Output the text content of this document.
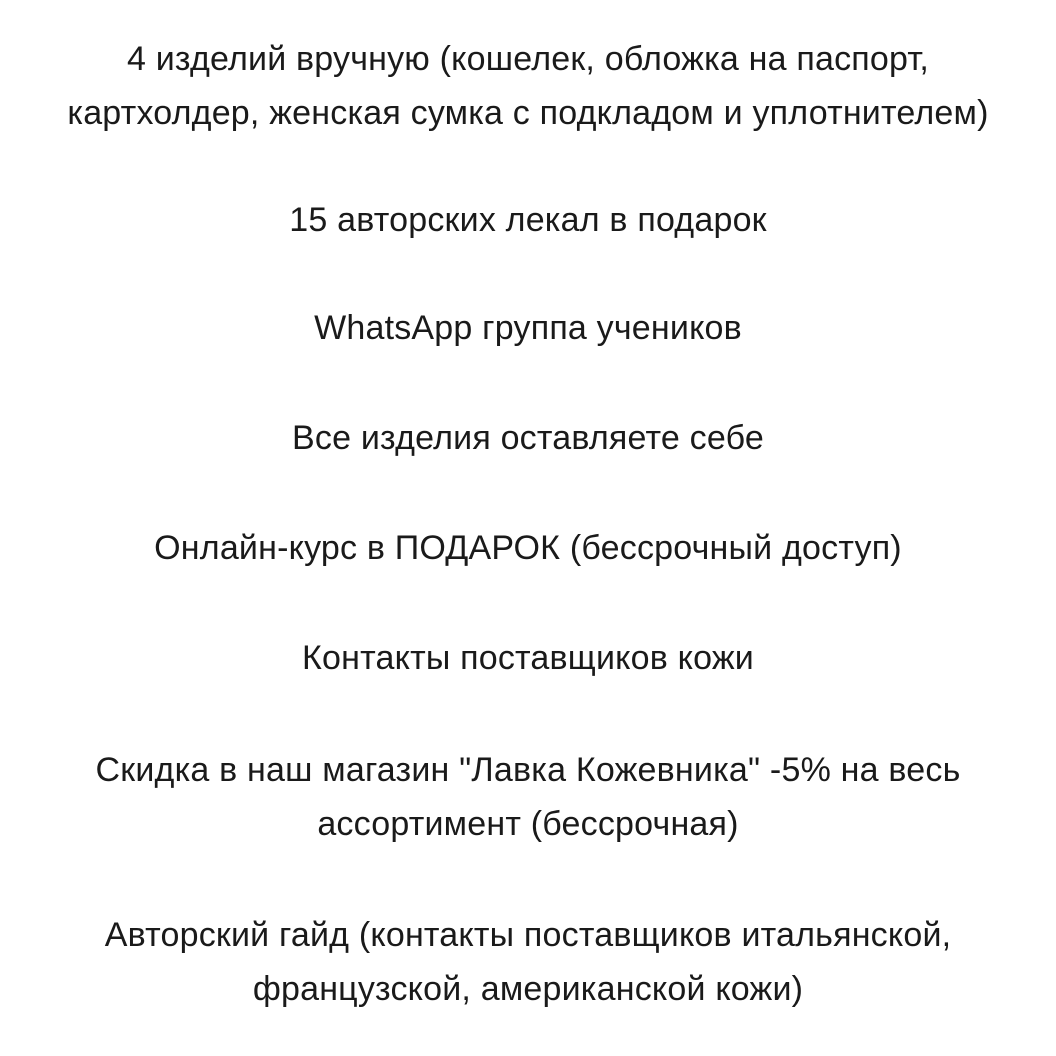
4 изделий вручную (кошелек, обложка на паспорт,
картхолдер, женская сумка с подкладом и уплотнителем)
15 авторских лекал в подарок
WhatsApp группа учеников
Все изделия оставляете себе
Онлайн-курс в ПОДАРОК (бессрочный доступ)
Контакты поставщиков кожи
Скидка в наш магазин "Лавка Кожевника" -5% на весь
ассортимент (бессрочная)
Авторский гайд (контакты поставщиков итальянской,
французской, американской кожи)
